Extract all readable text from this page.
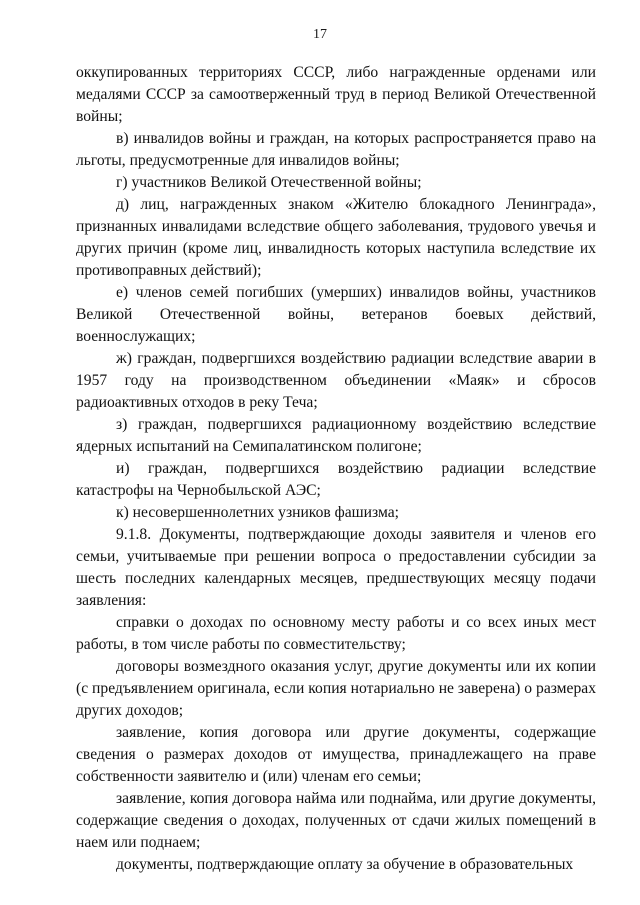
17

оккупированных территориях СССР, либо награжденные орденами или медалями СССР за самоотверженный труд в период Великой Отечественной войны;

в) инвалидов войны и граждан, на которых распространяется право на льготы, предусмотренные для инвалидов войны;

г) участников Великой Отечественной войны;

д) лиц, награжденных знаком «Жителю блокадного Ленинграда», признанных инвалидами вследствие общего заболевания, трудового увечья и других причин (кроме лиц, инвалидность которых наступила вследствие их противоправных действий);

е) членов семей погибших (умерших) инвалидов войны, участников Великой Отечественной войны, ветеранов боевых действий, военнослужащих;

ж) граждан, подвергшихся воздействию радиации вследствие аварии в 1957 году на производственном объединении «Маяк» и сбросов радиоактивных отходов в реку Теча;

з) граждан, подвергшихся радиационному воздействию вследствие ядерных испытаний на Семипалатинском полигоне;

и) граждан, подвергшихся воздействию радиации вследствие катастрофы на Чернобыльской АЭС;

к) несовершеннолетних узников фашизма;

9.1.8. Документы, подтверждающие доходы заявителя и членов его семьи, учитываемые при решении вопроса о предоставлении субсидии за шесть последних календарных месяцев, предшествующих месяцу подачи заявления:

справки о доходах по основному месту работы и со всех иных мест работы, в том числе работы по совместительству;

договоры возмездного оказания услуг, другие документы или их копии (с предъявлением оригинала, если копия нотариально не заверена) о размерах других доходов;

заявление, копия договора или другие документы, содержащие сведения о размерах доходов от имущества, принадлежащего на праве собственности заявителю и (или) членам его семьи;

заявление, копия договора найма или поднайма, или другие документы, содержащие сведения о доходах, полученных от сдачи жилых помещений в наем или поднаем;

документы, подтверждающие оплату за обучение в образовательных
